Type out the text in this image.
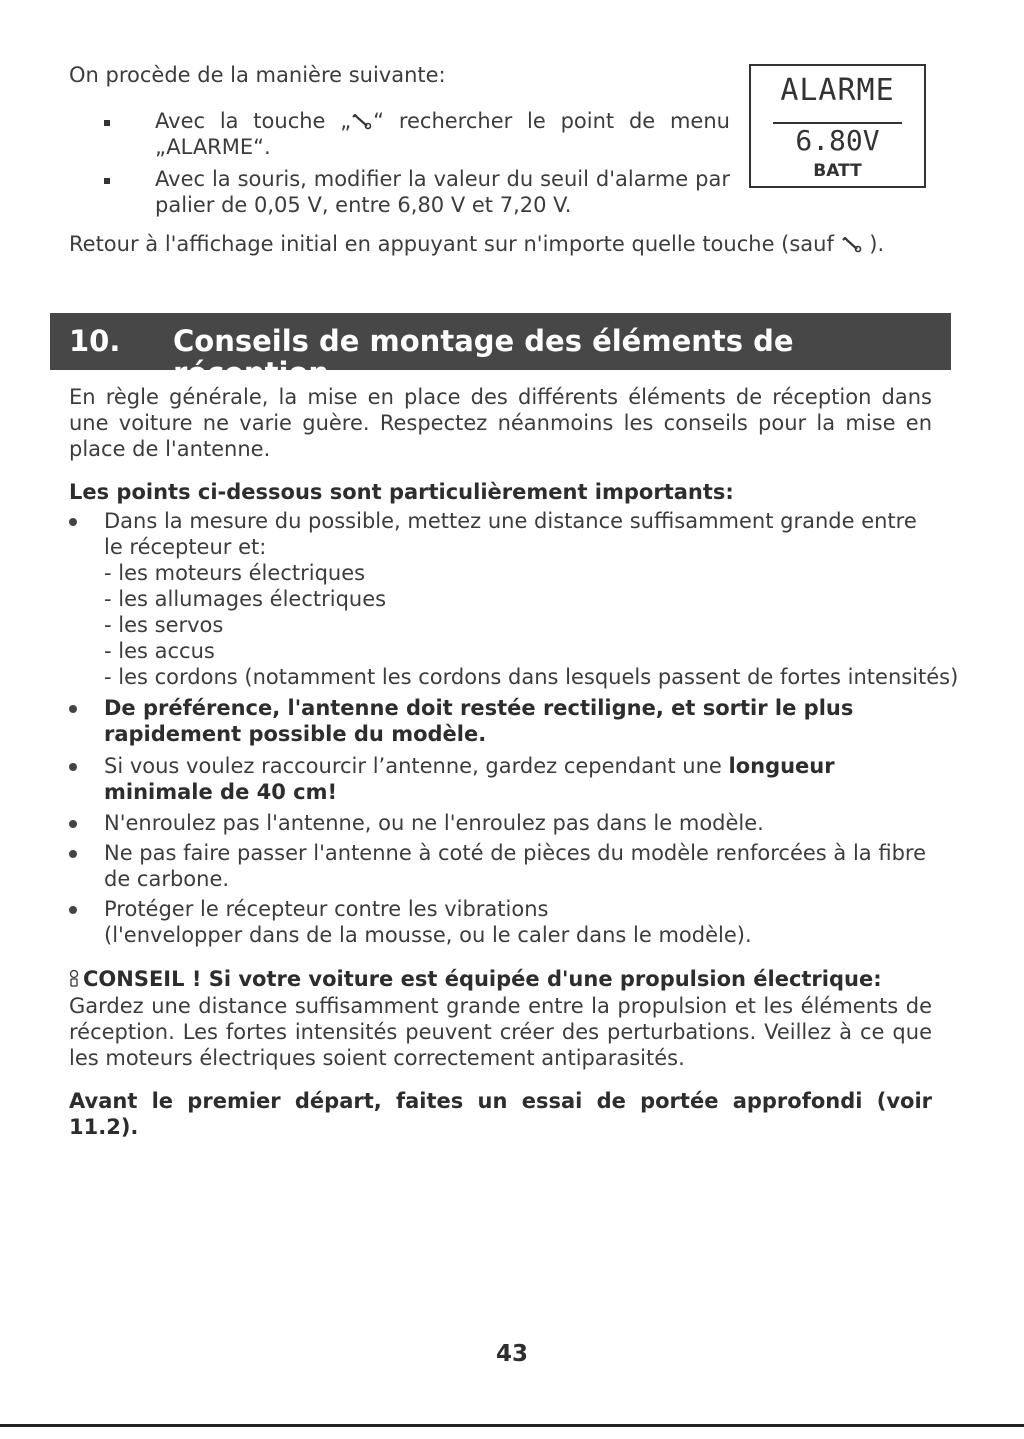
On procède de la manière suivante:
Avec la touche „ “ rechercher le point de menu
„ALARME“.
Avec la souris, modifier la valeur du seuil d'alarme par palier de 0,05 V, entre 6,80 V et 7,20 V.
ALARME
6.80V
BATT
Retour à l'affichage initial en appuyant sur n'importe quelle touche (sauf ).
10. Conseils de montage des éléments de réception
En règle générale, la mise en place des différents éléments de réception dans une voiture ne varie guère. Respectez néanmoins les conseils pour la mise en place de l'antenne.
Les points ci-dessous sont particulièrement importants:
Dans la mesure du possible, mettez une distance suffisamment grande entre le récepteur et:
- les moteurs électriques
- les allumages électriques
- les servos
- les accus
- les cordons (notamment les cordons dans lesquels passent de fortes intensités)
De préférence, l'antenne doit restée rectiligne, et sortir le plus rapidement possible du modèle.
Si vous voulez raccourcir l’antenne, gardez cependant une longueur minimale de 40 cm!
N'enroulez pas l'antenne, ou ne l'enroulez pas dans le modèle.
Ne pas faire passer l'antenne à coté de pièces du modèle renforcées à la fibre de carbone.
Protéger le récepteur contre les vibrations
(l'envelopper dans de la mousse, ou le caler dans le modèle).
CONSEIL ! Si votre voiture est équipée d'une propulsion électrique:
Gardez une distance suffisamment grande entre la propulsion et les éléments de réception. Les fortes intensités peuvent créer des perturbations. Veillez à ce que les moteurs électriques soient correctement antiparasités.
Avant le premier départ, faites un essai de portée approfondi (voir 11.2).
43
